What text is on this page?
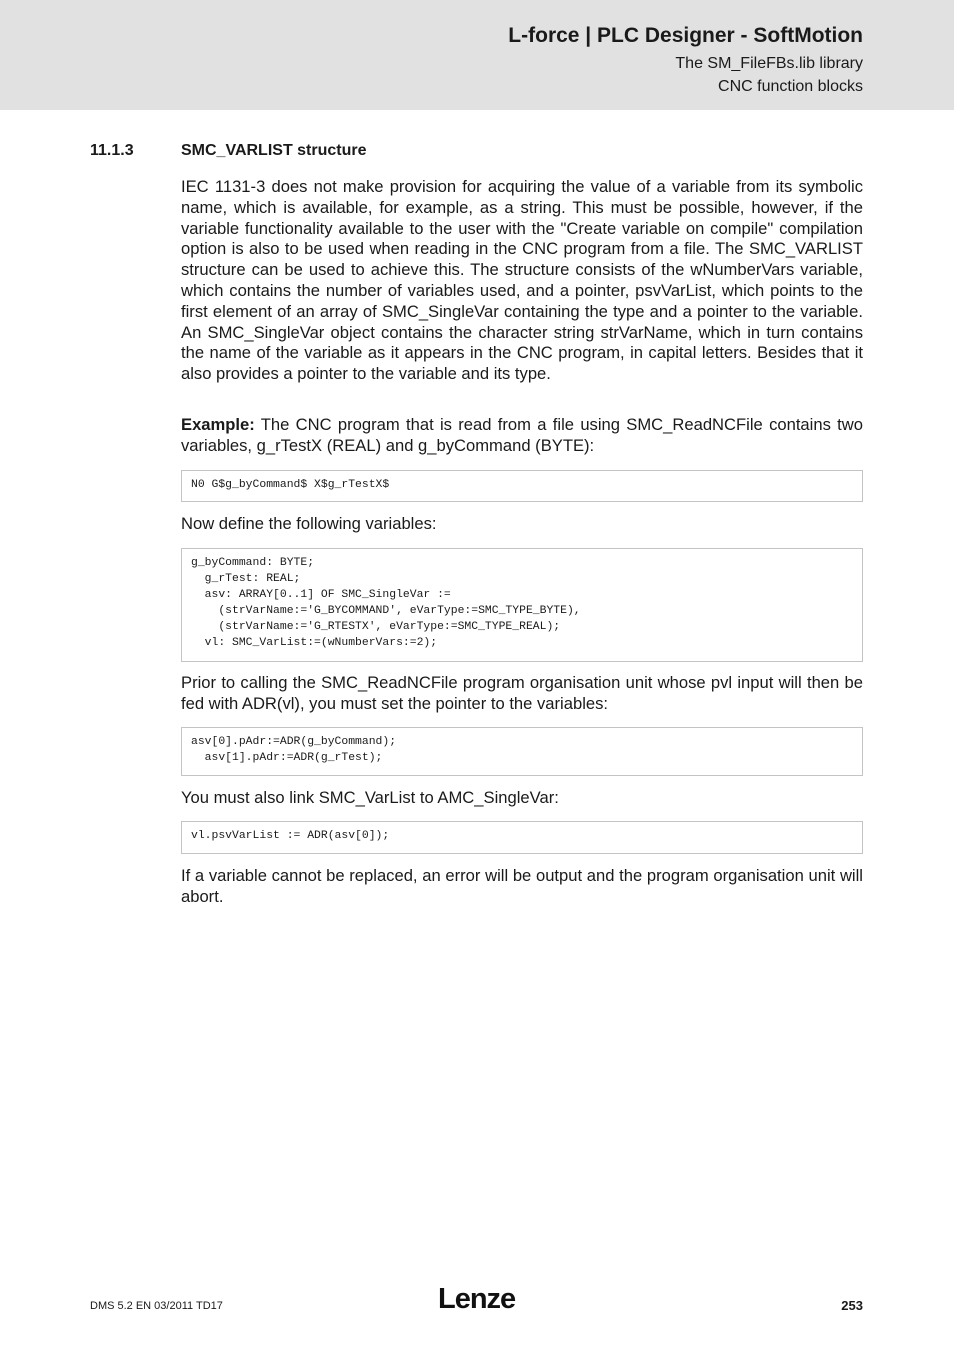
L-force | PLC Designer - SoftMotion
The SM_FileFBs.lib library
CNC function blocks
11.1.3	SMC_VARLIST structure

IEC 1131-3 does not make provision for acquiring the value of a variable from its symbolic name, which is available, for example, as a string. This must be possible, however, if the variable functionality available to the user with the "Create variable on compile" compilation option is also to be used when reading in the CNC program from a file. The SMC_VARLIST structure can be used to achieve this. The structure consists of the wNumberVars variable, which contains the number of variables used, and a pointer, psvVarList, which points to the first element of an array of SMC_SingleVar containing the type and a pointer to the variable. An SMC_SingleVar object contains the character string strVarName, which in turn contains the name of the variable as it appears in the CNC program, in capital letters. Besides that it also provides a pointer to the variable and its type.

Example: The CNC program that is read from a file using SMC_ReadNCFile contains two variables, g_rTestX (REAL) and g_byCommand (BYTE):

N0 G$g_byCommand$ X$g_rTestX$

Now define the following variables:

g_byCommand: BYTE;
g_rTest: REAL;
asv: ARRAY[0..1] OF SMC_SingleVar :=
(strVarName:='G_BYCOMMAND', eVarType:=SMC_TYPE_BYTE),
(strVarName:='G_RTESTX', eVarType:=SMC_TYPE_REAL);
vl: SMC_VarList:=(wNumberVars:=2);

Prior to calling the SMC_ReadNCFile program organisation unit whose pvl input will then be fed with ADR(vl), you must set the pointer to the variables:

asv[0].pAdr:=ADR(g_byCommand);
asv[1].pAdr:=ADR(g_rTest);

You must also link SMC_VarList to AMC_SingleVar:

vl.psvVarList := ADR(asv[0]);

If a variable cannot be replaced, an error will be output and the program organisation unit will abort.

DMS 5.2 EN 03/2011 TD17	Lenze	253
